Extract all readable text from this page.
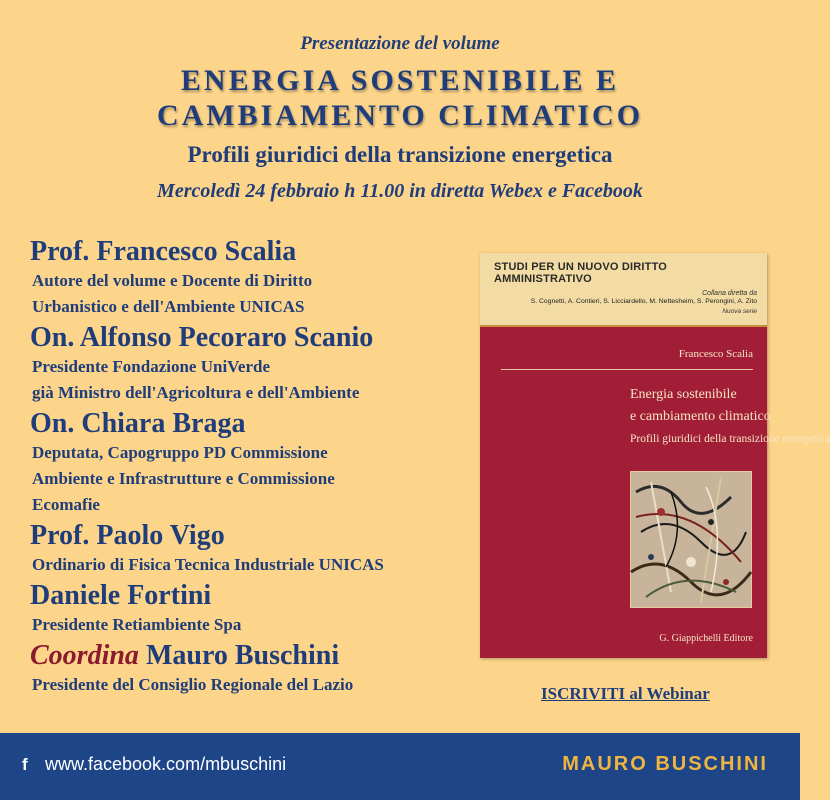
Presentazione del volume
ENERGIA SOSTENIBILE E
CAMBIAMENTO CLIMATICO
Profili giuridici della transizione energetica
Mercoledì 24 febbraio h 11.00 in diretta Webex e Facebook
Prof. Francesco Scalia
Autore del volume e Docente di Diritto
Urbanistico e dell'Ambiente UNICAS
On. Alfonso Pecoraro Scanio
Presidente Fondazione UniVerde
già Ministro dell'Agricoltura e dell'Ambiente
On. Chiara Braga
Deputata, Capogruppo PD Commissione
Ambiente e Infrastrutture e Commissione
Ecomafie
Prof. Paolo Vigo
Ordinario di Fisica Tecnica Industriale UNICAS
Daniele Fortini
Presidente Retiambiente Spa
Coordina Mauro Buschini
Presidente del Consiglio Regionale del Lazio
STUDI PER UN NUOVO DIRITTO AMMINISTRATIVO
Collana diretta da
S. Cognetti, A. Contieri, S. Licciardello, M. Nettesheim, S. Perongini, A. Zito
Nuova serie
Francesco Scalia
Energia sostenibile
e cambiamento climatico
Profili giuridici della transizione energetica
G. Giappichelli Editore
ISCRIVITI al Webinar
f www.facebook.com/mbuschini	MAURO BUSCHINI
